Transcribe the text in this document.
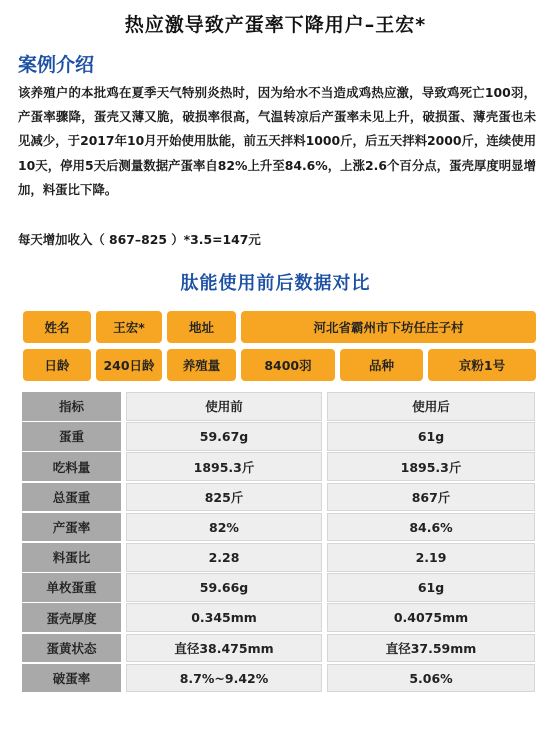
热应激导致产蛋率下降用户–王宏*
案例介绍
该养殖户的本批鸡在夏季天气特别炎热时，因为给水不当造成鸡热应激，导致鸡死亡100羽，产蛋率骤降，蛋壳又薄又脆，破损率很高，气温转凉后产蛋率未见上升，破损蛋、薄壳蛋也未见减少，于2017年10月开始使用肽能，前五天拌料1000斤，后五天拌料2000斤，连续使用10天，停用5天后测量数据产蛋率自82%上升至84.6%，上涨2.6个百分点，蛋壳厚度明显增加，料蛋比下降。
每天增加收入（ 867–825 ）*3.5=147元
肽能使用前后数据对比
姓名	王宏*	地址	河北省霸州市下坊任庄子村
日龄	240日龄	养殖量	8400羽	品种	京粉1号
指标	使用前	使用后
蛋重	59.67g	61g
吃料量	1895.3斤	1895.3斤
总蛋重	825斤	867斤
产蛋率	82%	84.6%
料蛋比	2.28	2.19
单枚蛋重	59.66g	61g
蛋壳厚度	0.345mm	0.4075mm
蛋黄状态	直径38.475mm	直径37.59mm
破蛋率	8.7%~9.42%	5.06%
